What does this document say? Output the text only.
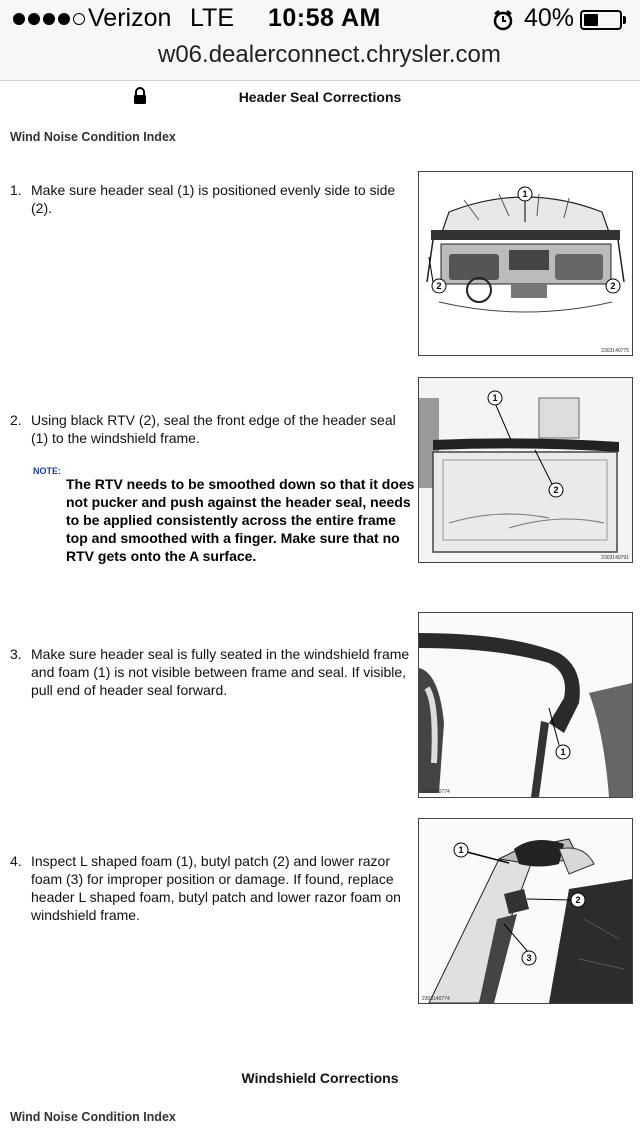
Verizon LTE 10:58 AM	40%
w06.dealerconnect.chrysler.com
Header Seal Corrections
Wind Noise Condition Index
1. Make sure header seal (1) is positioned evenly side to side (2).
1
2	2
2303140775
2. Using black RTV (2), seal the front edge of the header seal (1) to the windshield frame.
NOTE:
The RTV needs to be smoothed down so that it does not pucker and push against the header seal, needs to be applied consistently across the entire frame top and smoothed with a finger. Make sure that no RTV gets onto the A surface.
1
2
2303140791
3. Make sure header seal is fully seated in the windshield frame and foam (1) is not visible between frame and seal. If visible, pull end of header seal forward.
1
2303140774
4. Inspect L shaped foam (1), butyl patch (2) and lower razor foam (3) for improper position or damage. If found, replace header L shaped foam, butyl patch and lower razor foam on windshield frame.
1
2
3
2303140774
Windshield Corrections
Wind Noise Condition Index
